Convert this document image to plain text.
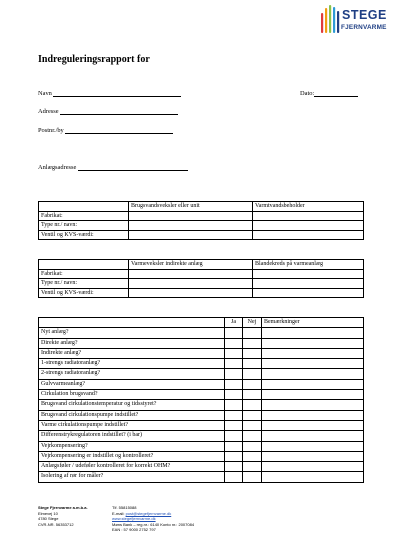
STEGE
FJERNVARME
Indreguleringsrapport for
Navn	Dato:
Adresse
Postnr./by
Anlægsadresse
	Brugsvandsveksler eller unit	Varmtvandsbeholder
Fabrikat:		
Type nr./ navn:		
Ventil og KVS-værdi:		
	Varmeveksler indirekte anlæg	Blandekreds på varmeanlæg
Fabrikat:		
Type nr./ navn:		
Ventil og KVS-værdi:		
	Ja	Nej	Bemærkninger
Nyt anlæg?			
Direkte anlæg?			
Indirekte anlæg?			
1-strengs radiatoranlæg?			
2-strengs radiatoranlæg?			
Gulvvarmeanlæg?			
Cirkulation brugsvand?			
Brugsvand cirkulationstemperatur og tidsstyret?			
Brugsvand cirkulationspumpe indstillet?			
Varme cirkulationspumpe indstillet?			
Differenstrykregulatoren indstillet? (i bar)			
Vejrkompensering?			
Vejrkompensering er indstillet og kontrolleret?			
Anlægsføler / udeføler kontrolleret for korrekt OHM?			
Isolering af rør for måler?			
Stege Fjernvarme a.m.b.a.
Elmevej 10
4780 Stege
CVR-NR. 56353712
Tlf. 55815088
E-mail: post@stegefjernvarme.dk
www.stegefjernvarme.dk
Møns Bank – reg.nr.: 6140 Konto nr.: 2007084
EAN : 57 9000 2752 797
